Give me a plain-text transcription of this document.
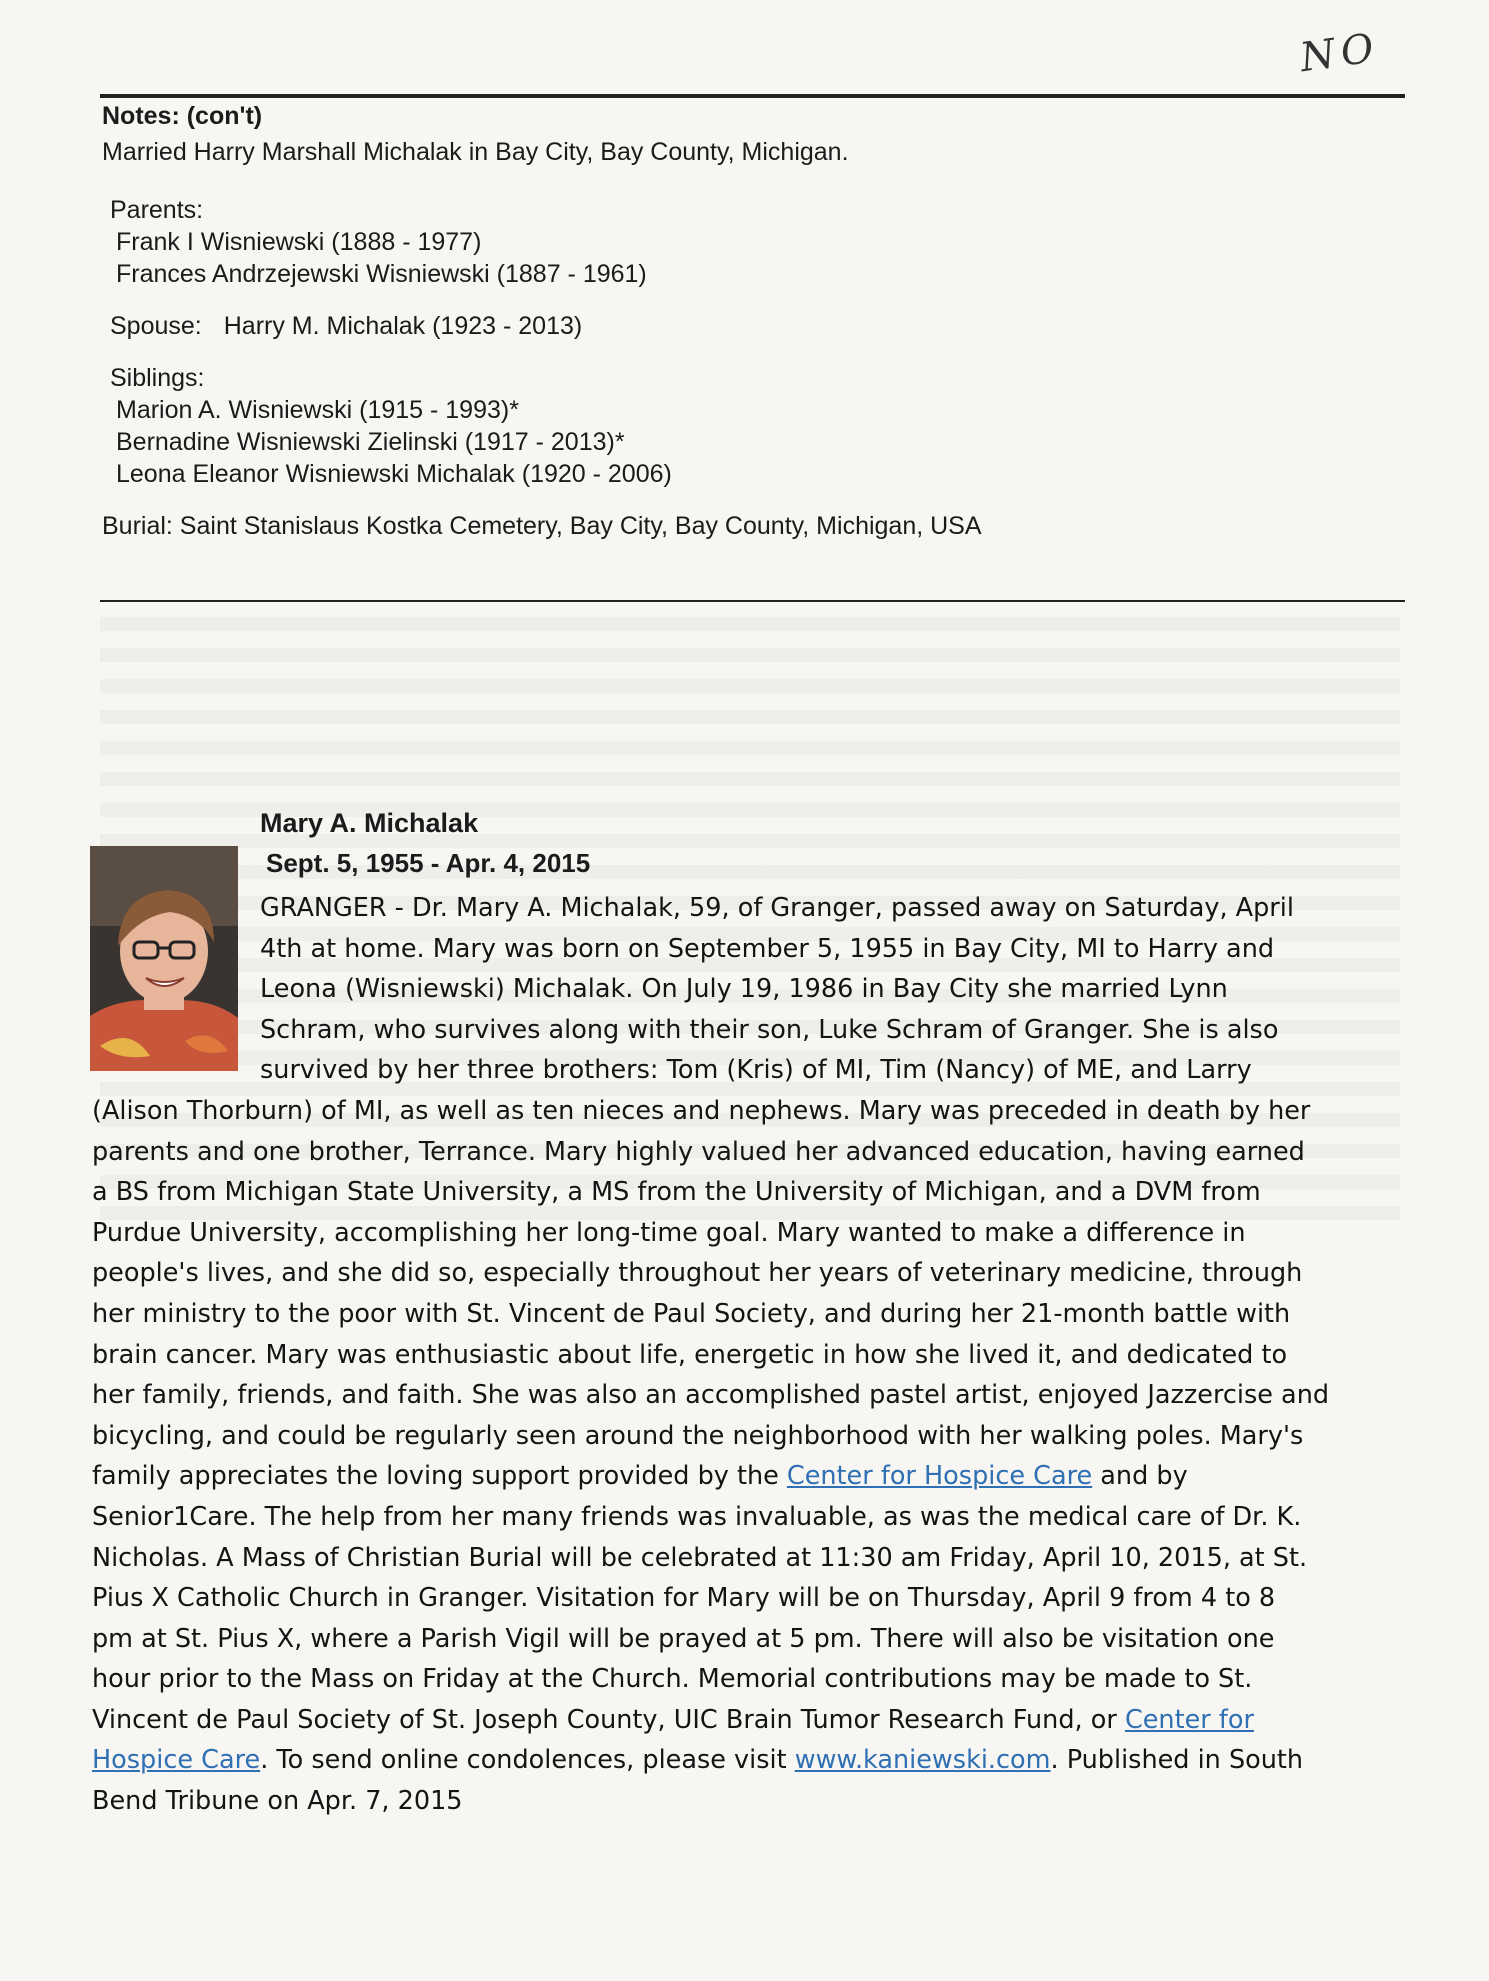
NO
Notes: (con't)
Married Harry Marshall Michalak in Bay City, Bay County, Michigan.
Parents:
Frank I Wisniewski (1888 - 1977)
Frances Andrzejewski Wisniewski (1887 - 1961)
Spouse: Harry M. Michalak (1923 - 2013)
Siblings:
Marion A. Wisniewski (1915 - 1993)*
Bernadine Wisniewski Zielinski (1917 - 2013)*
Leona Eleanor Wisniewski Michalak (1920 - 2006)
Burial: Saint Stanislaus Kostka Cemetery, Bay City, Bay County, Michigan, USA
Mary A. Michalak
Sept. 5, 1955 - Apr. 4, 2015
GRANGER - Dr. Mary A. Michalak, 59, of Granger, passed away on Saturday, April
4th at home. Mary was born on September 5, 1955 in Bay City, MI to Harry and
Leona (Wisniewski) Michalak. On July 19, 1986 in Bay City she married Lynn
Schram, who survives along with their son, Luke Schram of Granger. She is also
survived by her three brothers: Tom (Kris) of MI, Tim (Nancy) of ME, and Larry
(Alison Thorburn) of MI, as well as ten nieces and nephews. Mary was preceded in death by her
parents and one brother, Terrance. Mary highly valued her advanced education, having earned
a BS from Michigan State University, a MS from the University of Michigan, and a DVM from
Purdue University, accomplishing her long-time goal. Mary wanted to make a difference in
people's lives, and she did so, especially throughout her years of veterinary medicine, through
her ministry to the poor with St. Vincent de Paul Society, and during her 21-month battle with
brain cancer. Mary was enthusiastic about life, energetic in how she lived it, and dedicated to
her family, friends, and faith. She was also an accomplished pastel artist, enjoyed Jazzercise and
bicycling, and could be regularly seen around the neighborhood with her walking poles. Mary's
family appreciates the loving support provided by the Center for Hospice Care and by
Senior1Care. The help from her many friends was invaluable, as was the medical care of Dr. K.
Nicholas. A Mass of Christian Burial will be celebrated at 11:30 am Friday, April 10, 2015, at St.
Pius X Catholic Church in Granger. Visitation for Mary will be on Thursday, April 9 from 4 to 8
pm at St. Pius X, where a Parish Vigil will be prayed at 5 pm. There will also be visitation one
hour prior to the Mass on Friday at the Church. Memorial contributions may be made to St.
Vincent de Paul Society of St. Joseph County, UIC Brain Tumor Research Fund, or Center for
Hospice Care. To send online condolences, please visit www.kaniewski.com. Published in South
Bend Tribune on Apr. 7, 2015
